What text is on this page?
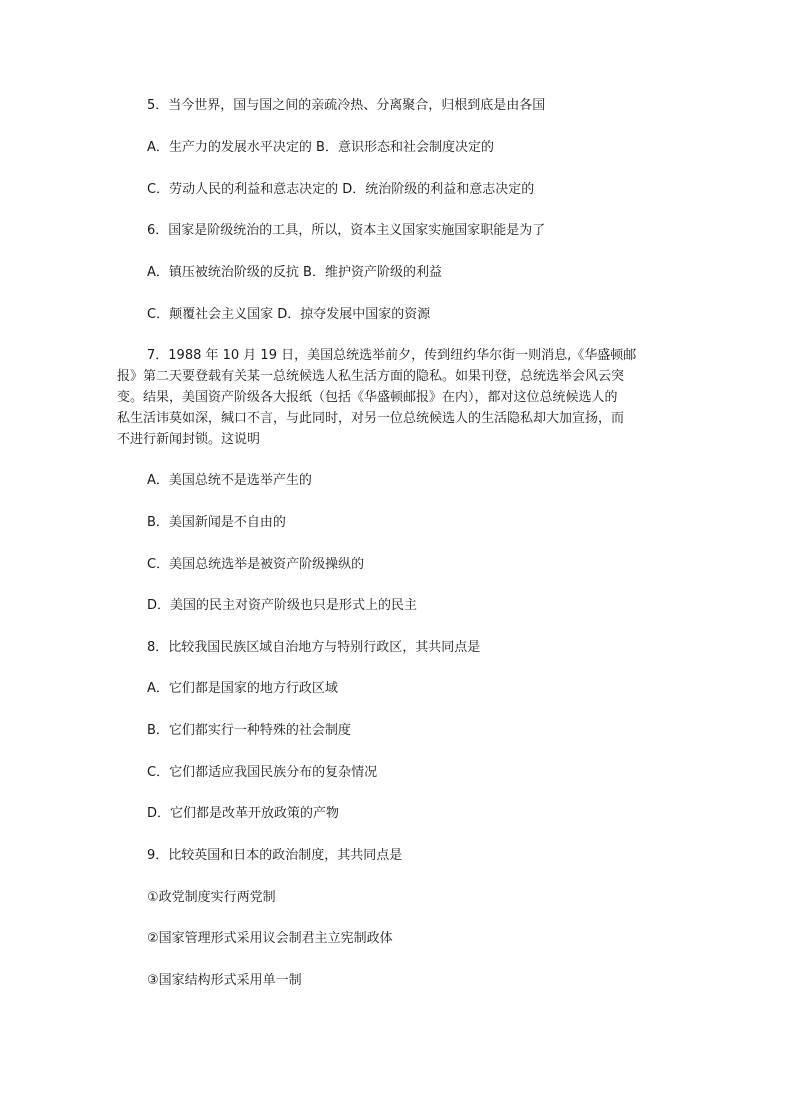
5．当今世界，国与国之间的亲疏冷热、分离聚合，归根到底是由各国
A．生产力的发展水平决定的 B．意识形态和社会制度决定的
C．劳动人民的利益和意志决定的 D．统治阶级的利益和意志决定的
6．国家是阶级统治的工具，所以，资本主义国家实施国家职能是为了
A．镇压被统治阶级的反抗 B．维护资产阶级的利益
C．颠覆社会主义国家 D．掠夺发展中国家的资源
7．1988 年 10 月 19 日，美国总统选举前夕，传到纽约华尔街一则消息,《华盛顿邮
报》第二天要登载有关某一总统候选人私生活方面的隐私。如果刊登，总统选举会风云突
变。结果，美国资产阶级各大报纸（包括《华盛顿邮报》在内），都对这位总统候选人的
私生活讳莫如深，缄口不言，与此同时，对另一位总统候选人的生活隐私却大加宣扬，而
不进行新闻封锁。这说明
A．美国总统不是选举产生的
B．美国新闻是不自由的
C．美国总统选举是被资产阶级操纵的
D．美国的民主对资产阶级也只是形式上的民主
8．比较我国民族区域自治地方与特别行政区，其共同点是
A．它们都是国家的地方行政区域
B．它们都实行一种特殊的社会制度
C．它们都适应我国民族分布的复杂情况
D．它们都是改革开放政策的产物
9．比较英国和日本的政治制度，其共同点是
①政党制度实行两党制
②国家管理形式采用议会制君主立宪制政体
③国家结构形式采用单一制
